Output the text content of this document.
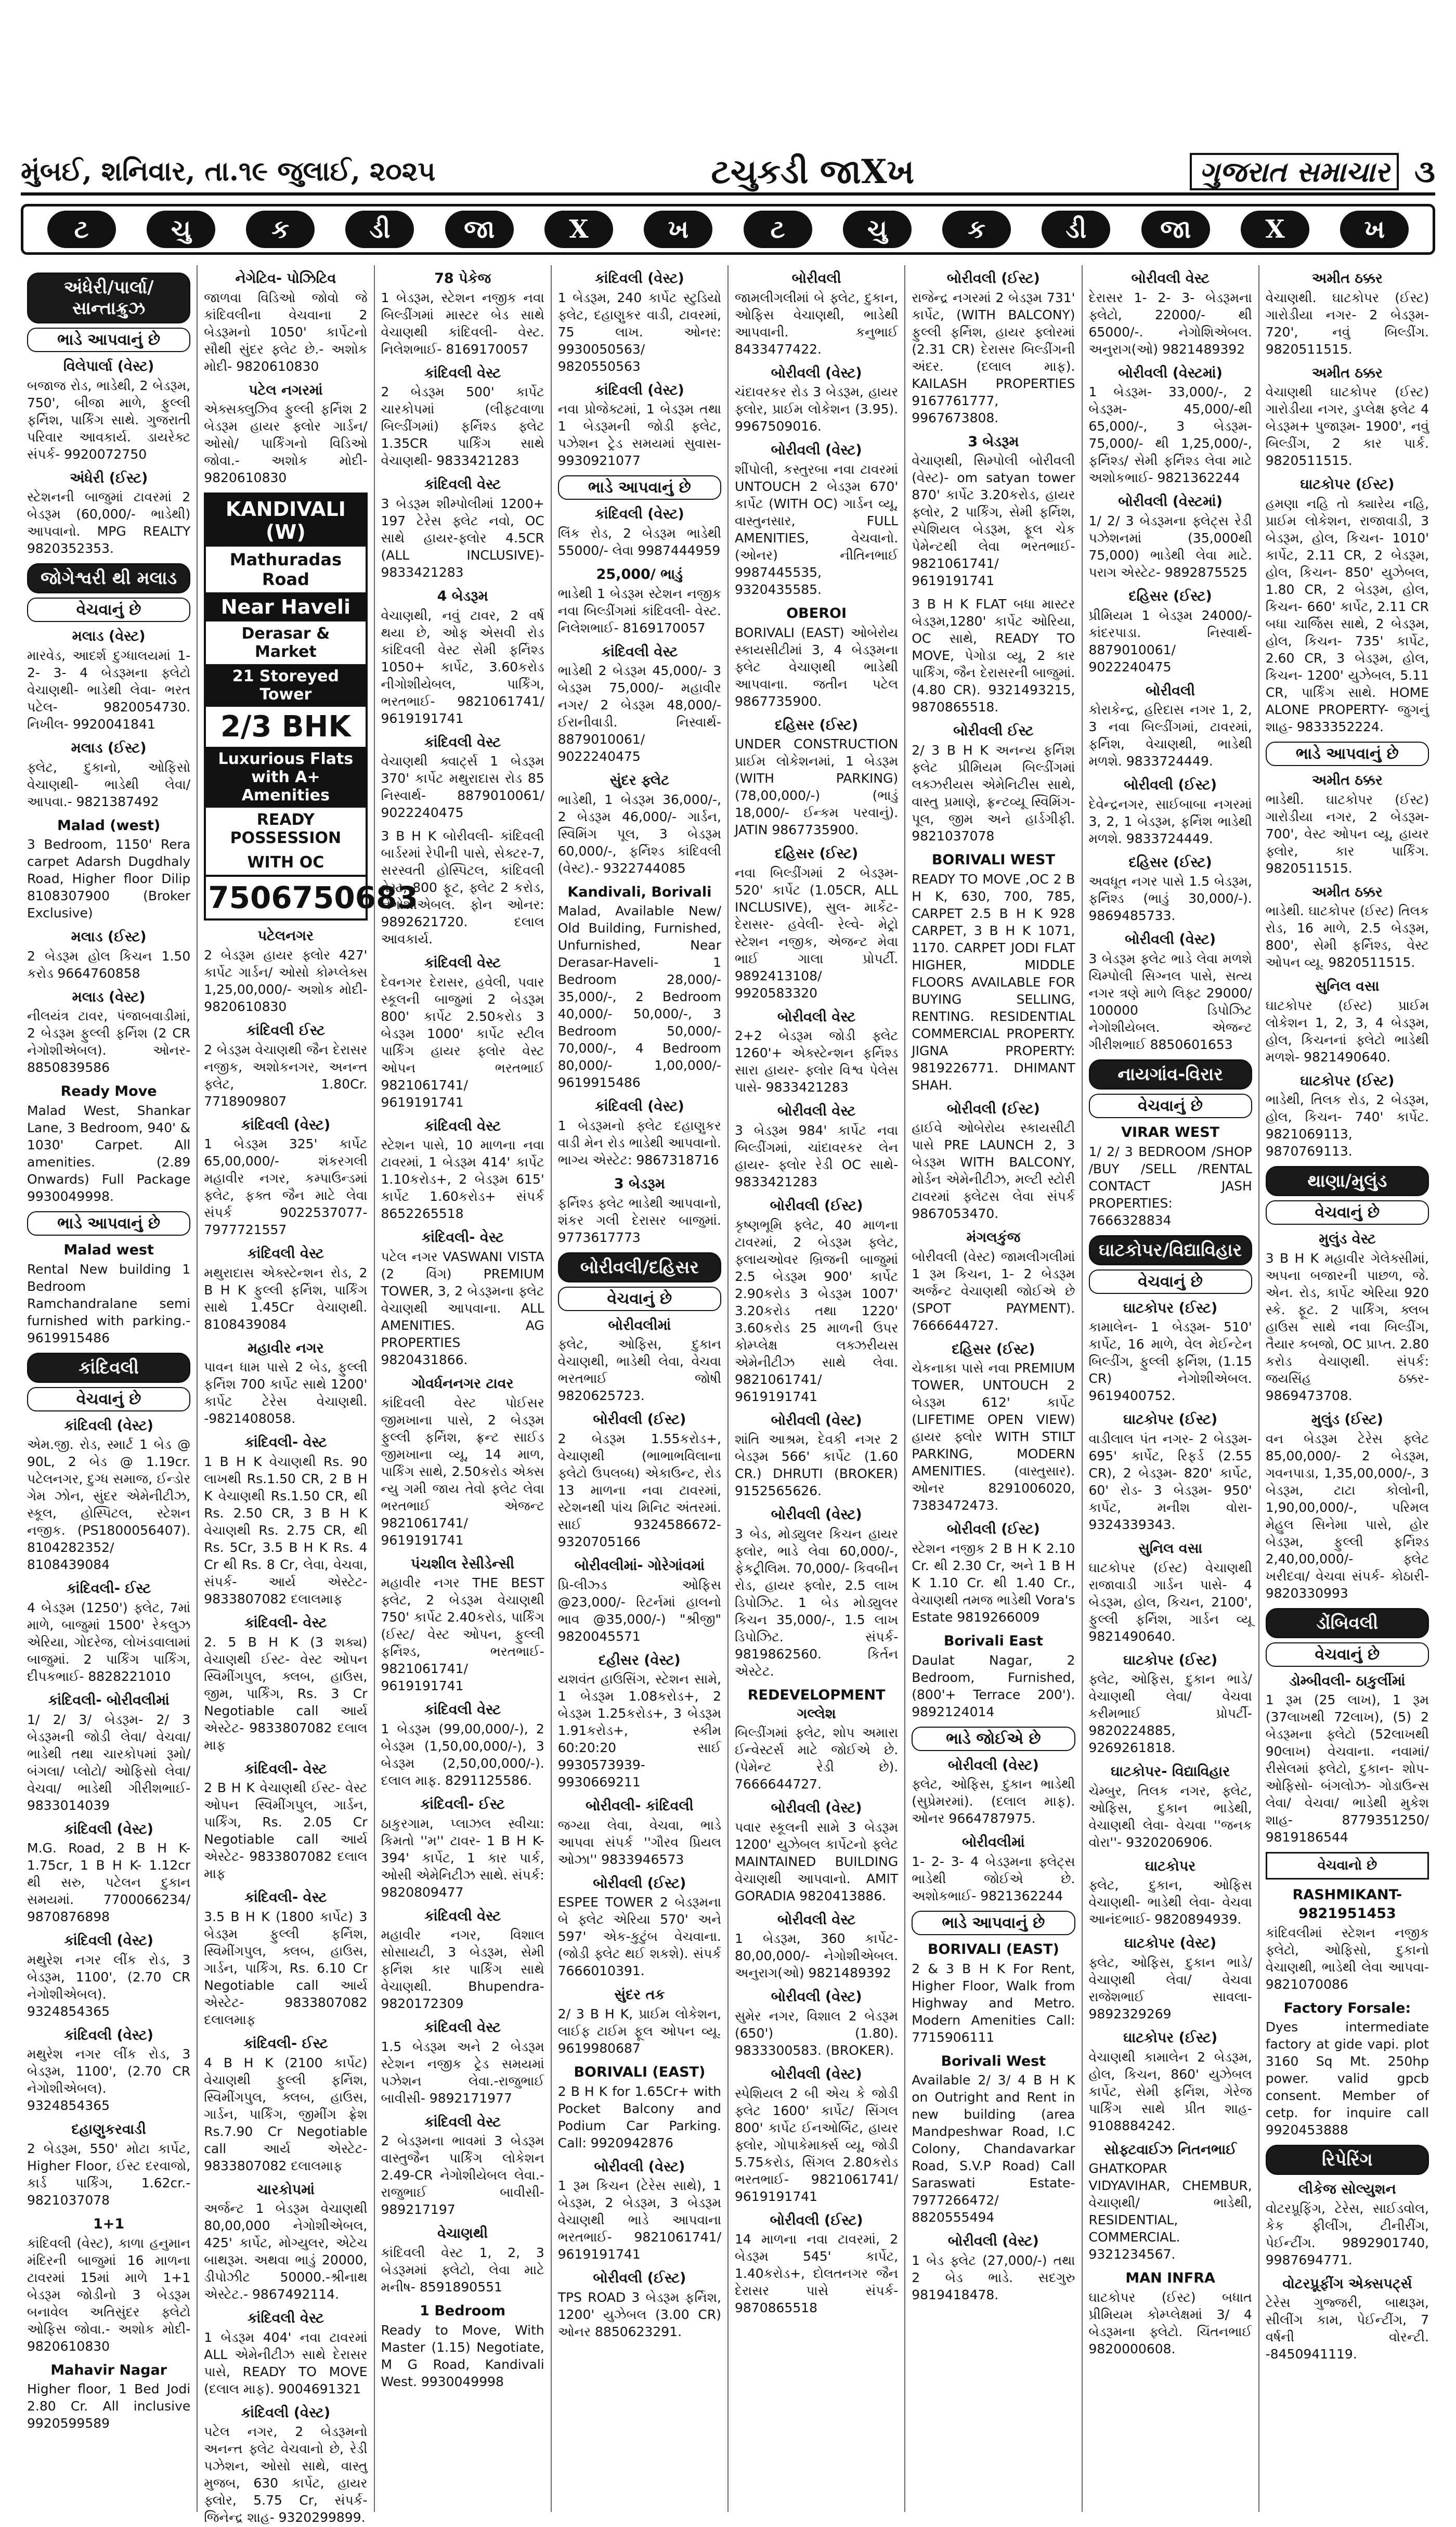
મુંબઈ, શનિવાર, તા.૧૯ જુલાઈ, ૨૦૨૫	ટચુકડી જાXખ	ગુજરાત સમાચાર ૩
ટ	ચુ	ક	ડી	જા	X	ખ	ટ	ચુ	ક	ડી	જા	X	ખ
અંધેરી/પાર્લા/સાન્તાક્રુઝ
ભાડે આપવાનું છે
વિલેપાર્લા (વેસ્ટ)
બજાજ રોડ, ભાડેથી, 2 બેડરૂમ, 750', બીજા માળે, ફુલ્લી ફર્નિશ, પાર્કિંગ સાથે. ગુજરાતી પરિવાર આવકાર્ય. ડાયરેક્ટ સંપર્ક- 9920072750
અંધેરી (ઈસ્ટ)
સ્ટેશનની બાજુમાં ટાવરમાં 2 બેડરૂમ (60,000/- ભાડેથી) આપવાનો. MPG REALTY 9820352353.
જોગેશ્વરી થી મલાડ
વેચવાનું છે
મલાડ (વેસ્ટ)
મારવેડ, આદર્શ દુગ્ધાલયમાં 1- 2- 3- 4 બેડરૂમના ફ્લેટો વેચાણથી- ભાડેથી લેવા- ભરત પટેલ- 9820054730. નિખીલ- 9920041841
મલાડ (ઈસ્ટ)
ફ્લેટ, દુકાનો, ઓફિસો વેચાણથી- ભાડેથી લેવા/ આપવા.- 9821387492
Malad (west)
3 Bedroom, 1150' Rera carpet Adarsh Dugdhaly Road, Higher floor Dilip 8108307900 (Broker Exclusive)
મલાડ (ઈસ્ટ)
2 બેડરૂમ હોલ કિચન 1.50 કરોડ 9664760858
મલાડ (વેસ્ટ)
નીલયંત્ર ટાવર, પંજાબવાડીમાં, 2 બેડરૂમ ફુલ્લી ફર્નિશ (2 CR નેગોશીએબલ). ઓનર- 8850839586
Ready Move
Malad West, Shankar Lane, 3 Bedroom, 940' & 1030' Carpet. All amenities. (2.89 Onwards) Full Package 9930049998.
ભાડે આપવાનું છે
Malad west
Rental New building 1 Bedroom Ramchandralane semi furnished with parking.- 9619915486
કાંદિવલી
વેચવાનું છે
કાંદિવલી (વેસ્ટ)
એમ.જી. રોડ, સ્માર્ટ 1 બેડ @ 90L, 2 બેડ @ 1.19cr. પટેલનગર, દુગ્ધ સમાજ, ઈન્ડોર ગેમ ઝોન, સુંદર એમેનીટીઝ, સ્કૂલ, હોસ્પિટલ, સ્ટેશન નજીક. (PS1800056407). 8104282352/ 8108439084
કાંદિવલી- ઈસ્ટ
4 બેડરૂમ (1250') ફ્લેટ, 7માં માળે, બાજુમાં 1500' રેકલુઝ એરિયા, ગોદરેજ, લોખંડવાલામાં બાજુમાં. 2 પાર્કિંગ પાર્કિંગ, દીપકભાઈ- 8828221010
કાંદિવલી- બોરીવલીમાં
1/ 2/ 3/ બેડરૂમ- 2/ 3 બેડરૂમની જોડી લેવા/ વેચવા/ ભાડેથી તથા ચારકોપમાં રૂમો/ બંગલા/ પ્લોટો/ ઓફિસો લેવા/ વેચવા/ ભાડેથી ગીરીશભાઈ- 9833014039
કાંદિવલી (વેસ્ટ)
M.G. Road, 2 B H K- 1.75cr, 1 B H K- 1.12cr થી સરુ, પટેલન દુકાન સમયમાં. 7700066234/ 9870876898
કાંદિવલી (વેસ્ટ)
મથુરેશ નગર લીંક રોડ, 3 બેડરૂમ, 1100', (2.70 CR નેગોશીએબલ). 9324854365
કાંદિવલી (વેસ્ટ)
મથુરેશ નગર લીંક રોડ, 3 બેડરૂમ, 1100', (2.70 CR નેગોશીએબલ). 9324854365
દહાણુકરવાડી
2 બેડરૂમ, 550' મોટા કાર્પેટ, Higher Floor, ઈસ્ટ દરવાજો, કાર્ડ પાર્કિંગ, 1.62cr.- 9821037078
1+1
કાંદિવલી (વેસ્ટ), કાળા હનુમાન મંદિરની બાજુમાં 16 માળના ટાવરમાં 15માં માળે 1+1 બેડરૂમ જોડીનો 3 બેડરૂમ બનાવેલ અતિસુંદર ફ્લેટો ઓફિસ જોવા.- અશોક મોદી- 9820610830
Mahavir Nagar
Higher floor, 1 Bed Jodi 2.80 Cr. All inclusive 9920599589
નેગેટિવ- પોઝિટિવ
જાળવા વિડિઓ જોવો જે કાંદિવલીના વેચવાના 2 બેડરૂમનો 1050' કાર્પેટનો સૌથી સુંદર ફ્લેટ છે.- અશોક મોદી- 9820610830
પટેલ નગરમાં
એક્સક્લુઝિવ ફુલ્લી ફર્નિશ 2 બેડરૂમ હાયર ફ્લોર ગાર્ડન/ ઓસો/ પાર્કિંગનો વિડિઓ જોવા.- અશોક મોદી- 9820610830
KANDIVALI (W)
Mathuradas Road
Near Haveli
Derasar & Market
21 Storeyed Tower
2/3 BHK
Luxurious Flats with A+ Amenities
READY POSSESSION
WITH OC
7506750683
પટેલનગર
2 બેડરૂમ હાયર ફ્લોર 427' કાર્પેટ ગાર્ડન/ ઓસો કોમ્પ્લેક્સ 1,25,00,000/- અશોક મોદી- 9820610830
કાંદિવલી ઈસ્ટ
2 બેડરૂમ વેચાણથી જૈન દેરાસર નજીક, અશોકનગર, અનન્ત ફ્લેટ, 1.80Cr. 7718909807
કાંદિવલી (વેસ્ટ)
1 બેડરૂમ 325' કાર્પેટ 65,00,000/- શંકરગલી મહાવીર નગર, કમ્પાઉન્ડમાં ફ્લેટ, ફક્ત જૈન માટે લેવા સંપર્ક 9022537077- 7977721557
કાંદિવલી વેસ્ટ
મથુરાદાસ એક્સ્ટેન્શન રોડ, 2 B H K ફુલ્લી ફર્નિશ, પાર્કિંગ સાથે 1.45Cr વેચાણથી. 8108439084
મહાવીર નગર
પાવન ધામ પાસે 2 બેડ, ફુલ્લી ફર્નિશ 700 કાર્પેટ સાથે 1200' કાર્પેટ ટેરેસ વેચાણથી. -9821408058.
કાંદિવલી- વેસ્ટ
1 B H K વેચાણથી Rs. 90 લાખથી Rs.1.50 CR, 2 B H K વેચાણથી Rs.1.50 CR, થી Rs. 2.50 CR, 3 B H K વેચાણથી Rs. 2.75 CR, થી Rs. 5Cr, 3.5 B H K Rs. 4 Cr થી Rs. 8 Cr, લેવા, વેચવા, સંપર્ક- આર્ય એસ્ટેટ- 9833807082 દલાલમાફ
કાંદિવલી- વેસ્ટ
2. 5 B H K (3 શક્ય) વેચાણથી ઈસ્ટ- વેસ્ટ ઓપન સ્વિમીંગપુલ, ક્લબ, હાઉસ, જીમ, પાર્કિંગ, Rs. 3 Cr Negotiable call આર્ય એસ્ટેટ- 9833807082 દલાલ માફ
કાંદિવલી- વેસ્ટ
2 B H K વેચાણથી ઈસ્ટ- વેસ્ટ ઓપન સ્વિમીંગપુલ, ગાર્ડન, પાર્કિંગ, Rs. 2.05 Cr Negotiable call આર્ય એસ્ટેટ- 9833807082 દલાલ માફ
કાંદિવલી- વેસ્ટ
3.5 B H K (1800 કાર્પેટ) 3 બેડરૂમ ફુલ્લી ફર્નિશ, સ્વિમીંગપુલ, ક્લબ, હાઉસ, ગાર્ડન, પાર્કિંગ, Rs. 6.10 Cr Negotiable call આર્ય એસ્ટેટ- 9833807082 દલાલમાફ
કાંદિવલી- ઈસ્ટ
4 B H K (2100 કાર્પેટ) વેચાણથી ફુલ્લી ફર્નિશ, સ્વિમીંગપુલ, ક્લબ, હાઉસ, ગાર્ડન, પાર્કિંગ, જીમીંગ ફ્રેશ Rs.7.90 Cr Negotiable call આર્ય એસ્ટેટ- 9833807082 દલાલમાફ
ચારકોપમાં
અર્જન્ટ 1 બેડરૂમ વેચાણથી 80,00,000 નેગોશીએબલ, 425' કાર્પેટ, મોગ્યુલર, એટેચ બાથરૂમ. અથવા ભાડું 20000, ડીપોઝીટ 50000.-શ્રીનાથ એસ્ટેટ.- 9867492114.
કાંદિવલી વેસ્ટ
1 બેડરૂમ 404' નવા ટાવરમાં ALL એમેનીટીઝ સાથે દેરાસર પાસે, READY TO MOVE (દલાલ માફ). 9004691321
કાંદિવલી (વેસ્ટ)
પટેલ નગર, 2 બેડરૂમનો અનન્ત ફ્લેટ વેચવાનો છે, રેડી પઝેશન, ઓસો સાથે, વાસ્તુ મુજબ, 630 કાર્પેટ, હાયર ફ્લોર, 5.75 Cr, સંપર્ક- જિનેન્દ્ર શાહ- 9320299899.
78 પેકેજ
1 બેડરૂમ, સ્ટેશન નજીક નવા બિલ્ડીંગમાં માસ્ટર બેડ સાથે વેચાણથી કાંદિવલી- વેસ્ટ. નિલેશભાઈ- 8169170057
કાંદિવલી વેસ્ટ
2 બેડરૂમ 500' કાર્પેટ ચારકોપમાં (લીફ્ટવાળા બિલ્ડીંગમાં) ફર્નિશ્ડ ફ્લેટ 1.35CR પાર્કિંગ સાથે વેચાણથી- 9833421283
કાંદિવલી વેસ્ટ
3 બેડરૂમ શીમ્પોલીમાં 1200+ 197 ટેરેસ ફ્લેટ નવો, OC સાથે હાયર-ફ્લોર 4.5CR (ALL INCLUSIVE)- 9833421283
4 બેડરૂમ
વેચાણથી, નવું ટાવર, 2 વર્ષ થયા છે, ઓફ એસવી રોડ કાંદિવલી વેસ્ટ સેમી ફર્નિશ્ડ 1050+ કાર્પેટ, 3.60કરોડ નીગોશીયેબલ, પાર્કિંગ, ભરતભાઈ- 9821061741/ 9619191741
કાંદિવલી વેસ્ટ
વેચાણથી ક્વાર્ટ્સ 1 બેડરૂમ 370' કાર્પેટ મથુરાદાસ રોડ 85 નિસ્વાર્થ- 8879010061/ 9022240475
3 B H K બોરીવલી- કાંદિવલી બાર્ડરમાં રેપીની પાસે, સેક્ટર-7, સરસ્વતી હોસ્પિટલ, કાંદિવલી વેસ્ટ, 800 ફૂટ, ફ્લેટ 2 કરોડ, નેગોશીએબલ. ફોન ઓનર: 9892621720. દલાલ આવકાર્ય.
કાંદિવલી વેસ્ટ
દેવનગર દેરાસર, હવેલી, પવાર સ્કૂલની બાજુમાં 2 બેડરૂમ 800' કાર્પેટ 2.50કરોડ 3 બેડરૂમ 1000' કાર્પેટ સ્ટીલ પાર્કિંગ હાયર ફ્લોર વેસ્ટ ઓપન ભરતભાઈ 9821061741/ 9619191741
કાંદિવલી વેસ્ટ
સ્ટેશન પાસે, 10 માળના નવા ટાવરમાં, 1 બેડરૂમ 414' કાર્પેટ 1.10કરોડ+, 2 બેડરૂમ 615' કાર્પેટ 1.60કરોડ+ સંપર્ક 8652265518
કાંદિવલી- વેસ્ટ
પટેલ નગર VASWANI VISTA (2 વિંગ) PREMIUM TOWER, 3, 2 બેડરૂમના ફ્લેટ વેચાણથી આપવાના. ALL AMENITIES. AG PROPERTIES 9820431866.
ગોવર્ધનનગર ટાવર
કાંદિવલી વેસ્ટ પોઈસર જીમખાના પાસે, 2 બેડરૂમ ફુલ્લી ફર્નિશ, ફ્રન્ટ સાઈડ જીમખાના વ્યૂ, 14 માળ, પાર્કિંગ સાથે, 2.50કરોડ એક્સ ન્યુ ગમી જાય તેવો ફ્લેટ લેવા ભરતભાઈ એજન્ટ 9821061741/ 9619191741
પંચશીલ રેસીડેન્સી
મહાવીર નગર THE BEST ફ્લેટ, 2 બેડરૂમ વેચાણથી 750' કાર્પેટ 2.40કરોડ, પાર્કિંગ (ઈસ્ટ/ વેસ્ટ ઓપન, ફુલ્લી ફર્નિશ્ડ, ભરતભાઈ- 9821061741/ 9619191741
કાંદિવલી વેસ્ટ
1 બેડરૂમ (99,00,000/-), 2 બેડરૂમ (1,50,00,000/-), 3 બેડરૂમ (2,50,00,000/-). દલાલ માફ. 8291125586.
કાંદિવલી- ઈસ્ટ
ઠાકુરગામ, પ્લાઝલ સ્વીચા: કિમતો ''મ'' ટાવર- 1 B H K- 394' કાર્પેટ, 1 કાર પાર્ક, ઓસી એમેનિટીઝ સાથે. સંપર્ક: 9820809477
કાંદિવલી વેસ્ટ
મહાવીર નગર, વિશાલ સોસાયટી, 3 બેડરૂમ, સેમી ફર્નિશ કાર પાર્કિંગ સાથે વેચાણથી. Bhupendra- 9820172309
કાંદિવલી વેસ્ટ
1.5 બેડરૂમ અને 2 બેડરૂમ સ્ટેશન નજીક ટ્રેડ સમયમાં પઝેશન લેવા.-રાજુભાઈ બાવીસી- 9892171977
કાંદિવલી વેસ્ટ
2 બેડરૂમના ભાવમાં 3 બેડરૂમ વાસ્તુજૈન પાર્કિંગ લોકેશન 2.49-CR નેગોશીયેબલ લેવા.- રાજુભાઈ બાવીસી- 989217197
વેચાણથી
કાંદિવલી વેસ્ટ 1, 2, 3 બેડરૂમમાં ફ્લેટો, લેવા માટે મનીષ- 8591890551
1 Bedroom
Ready to Move, With Master (1.15) Negotiate, M G Road, Kandivali West. 9930049998
કાંદિવલી (વેસ્ટ)
1 બેડરૂમ, 240 કાર્પેટ સ્ટુડિયો ફ્લેટ, દહાણુકર વાડી, ટાવરમાં, 75 લાખ. ઓનર: 9930050563/ 9820550563
કાંદિવલી (વેસ્ટ)
નવા પ્રોજેક્ટમાં, 1 બેડરૂમ તથા 1 બેડરૂમની જોડી ફ્લેટ, પઝેશન ટ્રેડ સમયમાં સુવાસ- 9930921077
ભાડે આપવાનું છે
કાંદિવલી (વેસ્ટ)
લિંક રોડ, 2 બેડરૂમ ભાડેથી 55000/- લેવા 9987444959
25,000/ ભાડું
ભાડેથી 1 બેડરૂમ સ્ટેશન નજીક નવા બિલ્ડીંગમાં કાંદિવલી- વેસ્ટ. નિલેશભાઈ- 8169170057
કાંદિવલી વેસ્ટ
ભાડેથી 2 બેડરૂમ 45,000/- 3 બેડરૂમ 75,000/- મહાવીર નગર/ 2 બેડરૂમ 48,000/- ઈરાનીવાડી. નિસ્વાર્થ- 8879010061/ 9022240475
સુંદર ફ્લેટ
ભાડેથી, 1 બેડરૂમ 36,000/-, 2 બેડરૂમ 46,000/- ગાર્ડન, સ્વિમિંગ પૂલ, 3 બેડરૂમ 60,000/-, ફર્નિશ્ડ કાંદિવલી (વેસ્ટ).- 9322744085
Kandivali, Borivali
Malad, Available New/ Old Building, Furnished, Unfurnished, Near Derasar-Haveli- 1 Bedroom 28,000/- 35,000/-, 2 Bedroom 40,000/- 50,000/-, 3 Bedroom 50,000/- 70,000/-, 4 Bedroom 80,000/- 1,00,000/- 9619915486
કાંદિવલી (વેસ્ટ)
1 બેડરૂમનો ફ્લેટ દહાણુકર વાડી મેન રોડ ભાડેથી આપવાનો. ભાગ્ય એસ્ટેટ: 9867318716
3 બેડરૂમ
ફર્નિશ્ડ ફ્લેટ ભાડેથી આપવાનો, શંકર ગલી દેરાસર બાજુમાં. 9773617773
બોરીવલી/દહિસર
વેચવાનું છે
બોરીવલીમાં
ફ્લેટ, ઓફિસ, દુકાન વેચાણથી, ભાડેથી લેવા, વેચવા ભરતભાઈ જોષી 9820625723.
બોરીવલી (ઈસ્ટ)
2 બેડરૂમ 1.55કરોડ+, વેચાણથી (ભાભાભવિલાના ફ્લેટો ઉપલબ્ધ) એકાઉન્ટ, રોડ 13 માળના નવા ટાવરમાં, સ્ટેશનથી પાંચ મિનિટ અંતરમાં. સાઈ 9324586672- 9320705166
બોરીવલીમાં- ગોરેગાંવમાં
પ્રિ-લીઝ્ડ ઓફિસ @23,000/- રિટર્નમાં હાલનો ભાવ @35,000/-) "શ્રીજી" 9820045571
દહીસર (વેસ્ટ)
યશવંત હાઉસિંગ, સ્ટેશન સામે, 1 બેડરૂમ 1.08કરોડ+, 2 બેડરૂમ 1.25કરોડ+, 3 બેડરૂમ 1.91કરોડ+, સ્કીમ 60:20:20 સાઈ 9930573939- 9930669211
બોરીવલી- કાંદિવલી
જગ્યા લેવા, વેચવા, ભાડે આપવા સંપર્ક ''ગૌરવ પ્રિયલ ઓઝા'' 9833946573
બોરીવલી (ઈસ્ટ)
ESPEE TOWER 2 બેડરૂમના બે ફ્લેટ એરિયા 570' અને 597' એક-કુટુંબ વેચવાના. (જોડી ફ્લેટ થઈ શકશે). સંપર્ક 7666010391.
સુંદર તક
2/ 3 B H K, પ્રાઈમ લોકેશન, લાઈફ ટાઈમ ફૂલ ઓપન વ્યૂ. 9619980687
BORIVALI (EAST)
2 B H K for 1.65Cr+ with Pocket Balcony and Podium Car Parking. Call: 9920942876
બોરીવલી (વેસ્ટ)
1 રૂમ કિચન (ટેરેસ સાથે), 1 બેડરૂમ, 2 બેડરૂમ, 3 બેડરૂમ વેચાણથી ભાડે આપવાના ભરતભાઈ- 9821061741/ 9619191741
બોરીવલી (ઈસ્ટ)
TPS ROAD 3 બેડરૂમ ફર્નિશ, 1200' યુઝેબલ (3.00 CR) ઓનર 8850623291.
બોરીવલી
જામલીગલીમાં બે ફ્લેટ, દુકાન, ઓફિસ વેચાણથી, ભાડેથી આપવાની. કનુભાઈ 8433477422.
બોરીવલી (વેસ્ટ)
ચંદાવરકર રોડ 3 બેડરૂમ, હાયર ફ્લોર, પ્રાઈમ લોકેશન (3.95). 9967509016.
બોરીવલી (વેસ્ટ)
શીંપોલી, કસ્તુરબા નવા ટાવરમાં UNTOUCH 2 બેડરૂમ 670' કાર્પેટ (WITH OC) ગાર્ડન વ્યૂ, વાસ્તુનસાર, FULL AMENITIES, વેચવાનો. (ઓનર) નીતિનભાઈ 9987445535, 9320435585.
OBEROI
BORIVALI (EAST) ઓબેરોય સ્કાયસીટીમાં 3, 4 બેડરૂમના ફ્લેટ વેચાણથી ભાડેથી આપવાના. જતીન પટેલ 9867735900.
દહિસર (ઈસ્ટ)
UNDER CONSTRUCTION પ્રાઈમ લોકેશનમાં, 1 બેડરૂમ (WITH PARKING) (78,00,000/-) (ભાડું 18,000/- ઈન્કમ પરવાનું). JATIN 9867735900.
દહિસર (ઈસ્ટ)
નવા બિલ્ડીંગમાં 2 બેડરૂમ- 520' કાર્પેટ (1.05CR, ALL INCLUSIVE), સુલ- માર્કેટ- દેરાસર- હવેલી- રેલ્વે- મેટ્રો સ્ટેશન નજીક, એજન્ટ મેવા ભાઈ ગાલા પ્રોપર્ટી. 9892413108/ 9920583320
બોરીવલી વેસ્ટ
2+2 બેડરૂમ જોડી ફ્લેટ 1260'+ એક્સ્ટેન્શન ફર્નિશ્ડ સારા હાયર- ફ્લોર વિશ્વ પેલેસ પાસે- 9833421283
બોરીવલી વેસ્ટ
3 બેડરૂમ 984' કાર્પેટ નવા બિલ્ડીંગમાં, ચાંદાવરકર લેન હાયર- ફ્લોર રેડી OC સાથે- 9833421283
બોરીવલી (ઈસ્ટ)
કૃષ્ણભૂમિ ફ્લેટ, 40 માળના ટાવરમાં, 2 બેડરૂમ ફ્લેટ, ફ્લાયઓવર બ્રિજની બાજુમાં 2.5 બેડરૂમ 900' કાર્પેટ 2.90કરોડ 3 બેડરૂમ 1007' 3.20કરોડ તથા 1220' 3.60કરોડ 25 માળની ઉપર કોમ્પ્લેક્ષ લક્ઝરીયસ એમેનીટીઝ સાથે લેવા. 9821061741/ 9619191741
બોરીવલી (વેસ્ટ)
શાંતિ આશ્રમ, દેવકી નગર 2 બેડરૂમ 566' કાર્પેટ (1.60 CR.) DHRUTI (BROKER) 9152565626.
બોરીવલી (વેસ્ટ)
3 બેડ, મોડ્યુલર કિચન હાયર ફ્લોર, ભાડે લેવા 60,000/-, ફેકટ્રીલિમ. 70,000/- કિવબીન રોડ, હાયર ફ્લોર, 2.5 લાખ ડિપોઝિટ. 1 બેડ મોડ્યુલર કિચન 35,000/-, 1.5 લાખ ડિપોઝિટ. સંપર્ક- 9819862560. કિર્તન એસ્ટેટ.
REDEVELOPMENT ગલ્લેશ
બિલ્ડીંગમાં ફ્લેટ, શોપ અમારા ઈન્વેસ્ટર્સ માટે જોઈએ છે. (પેમેન્ટ રેડી છે). 7666644727.
બોરીવલી (વેસ્ટ)
પવાર સ્કૂલની સામે 3 બેડરૂમ 1200' યુઝેબલ કાર્પેટનો ફ્લેટ MAINTAINED BUILDING વેચાણથી આપવાનો. AMIT GORADIA 9820413886.
બોરીવલી વેસ્ટ
1 બેડરૂમ, 360 કાર્પેટ- 80,00,000/- નેગોશીએબલ. અનુરાગ(ઓ) 9821489392
બોરીવલી (વેસ્ટ)
સુમેર નગર, વિશાલ 2 બેડરૂમ (650') (1.80). 9833300583. (BROKER).
બોરીવલી (વેસ્ટ)
સ્પેશિયલ 2 બી એચ કે જોડી ફ્લેટ 1600' કાર્પેટ/ સિંગલ 800' કાર્પેટ ઈનઓર્બિટ, હાયર ફ્લોર, ગોપાકેમાર્ક્સ વ્યૂ, જોડી 5.75કરોડ, સિંગલ 2.80કરોડ ભરતભાઈ- 9821061741/ 9619191741
બોરીવલી (ઈસ્ટ)
14 માળના નવા ટાવરમાં, 2 બેડરૂમ 545' કાર્પેટ, 1.40કરોડ+, દોલતનગર જૈન દેરાસર પાસે સંપર્ક- 9870865518
બોરીવલી (ઈસ્ટ)
રાજેન્દ્ર નગરમાં 2 બેડરૂમ 731' કાર્પેટ, (WITH BALCONY) ફુલ્લી ફર્નિશ, હાયર ફ્લોરમાં (2.31 CR) દેરાસર બિલ્ડીંગની અંદર. (દલાલ માફ). KAILASH PROPERTIES 9167761777, 9967673808.
3 બેડરૂમ
વેચાણથી, સિમ્પોલી બોરીવલી (વેસ્ટ)- om satyan tower 870' કાર્પેટ 3.20કરોડ, હાયર ફ્લોર, 2 પાર્કિંગ, સેમી ફર્નિશ, સ્પેશિયલ બેડરૂમ, ફૂલ ચેક પેમેન્ટથી લેવા ભરતભાઈ- 9821061741/ 9619191741
3 B H K FLAT બધા માસ્ટર બેડરૂમ,1280' કાર્પેટ ઓરિયા, OC સાથે, READY TO MOVE, પેગોડા વ્યૂ, 2 કાર પાર્કિંગ, જૈન દેરાસરની બાજુમાં. (4.80 CR). 9321493215, 9870865518.
બોરીવલી ઈસ્ટ
2/ 3 B H K અનન્ય ફર્નિશ ફ્લેટ પ્રીમિયમ બિલ્ડીંગમાં લક્ઝરીયસ એમેનિટીસ સાથે, વાસ્તુ પ્રમાણે, ફ્રન્ટવ્યૂ સ્વિમિંગ- પૂલ, જીમ અને હાર્ડગીફી. 9821037078
BORIVALI WEST
READY TO MOVE ,OC 2 B H K, 630, 700, 785, CARPET 2.5 B H K 928 CARPET, 3 B H K 1071, 1170. CARPET JODI FLAT HIGHER, MIDDLE FLOORS AVAILABLE FOR BUYING SELLING, RENTING. RESIDENTIAL COMMERCIAL PROPERTY. JIGNA PROPERTY: 9819226771. DHIMANT SHAH.
બોરીવલી (ઈસ્ટ)
હાઈવે ઓબેરોય સ્કાયસીટી પાસે PRE LAUNCH 2, 3 બેડરૂમ WITH BALCONY, મોર્ડન એમેનીટીઝ, મલ્ટી સ્ટોરી ટાવરમાં ફ્લેટસ લેવા સંપર્ક 9867053470.
મંગલકુંજ
બોરીવલી (વેસ્ટ) જામલીગલીમાં 1 રૂમ કિચન, 1- 2 બેડરૂમ અર્જન્ટ વેચાણથી જોઈએ છે (SPOT PAYMENT). 7666644727.
દહિસર (ઈસ્ટ)
ચેકનાકા પાસે નવા PREMIUM TOWER, UNTOUCH 2 બેડરૂમ 612' કાર્પેટ (LIFETIME OPEN VIEW) હાયર ફ્લોર WITH STILT PARKING, MODERN AMENITIES. (વાસ્તુસાર). ઓનર 8291006020, 7383472473.
બોરીવલી (ઈસ્ટ)
સ્ટેશન નજીક 2 B H K 2.10 Cr. થી 2.30 Cr, અને 1 B H K 1.10 Cr. થી 1.40 Cr., વેચાણથી તમજ ભાડેથી Vora's Estate 9819266009
Borivali East
Daulat Nagar, 2 Bedroom, Furnished, (800'+ Terrace 200'). 9892124014
ભાડે જોઈએ છે
બોરીવલી (વેસ્ટ)
ફ્લેટ, ઓફિસ, દુકાન ભાડેથી (સુપ્રેમરમાં). (દલાલ માફ). ઓનર 9664787975.
બોરીવલીમાં
1- 2- 3- 4 બેડરૂમના ફ્લેટ્સ ભાડેથી જોઈએ છે. અશોકભાઈ- 9821362244
ભાડે આપવાનું છે
BORIVALI (EAST)
2 & 3 B H K For Rent, Higher Floor, Walk from Highway and Metro. Modern Amenities Call: 7715906111
Borivali West
Available 2/ 3/ 4 B H K on Outright and Rent in new building (area Mandpeshwar Road, I.C Colony, Chandavarkar Road, S.V.P Road) Call Saraswati Estate- 7977266472/ 8820555494
બોરીવલી (વેસ્ટ)
1 બેડ ફ્લેટ (27,000/-) તથા 2 બેડ ભાડે. સદગુરુ 9819418478.
બોરીવલી વેસ્ટ
દેરાસર 1- 2- 3- બેડરૂમના ફ્લેટો, 22000/- થી 65000/-. નેગોશિએબલ. અનુરાગ(ઓ) 9821489392
બોરીવલી (વેસ્ટમાં)
1 બેડરૂમ- 33,000/-, 2 બેડરૂમ- 45,000/-થી 65,000/-, 3 બેડરૂમ- 75,000/- થી 1,25,000/-, ફર્નિશ્ડ/ સેમી ફર્નિશ્ડ લેવા માટે અશોકભાઈ- 9821362244
બોરીવલી (વેસ્ટમાં)
1/ 2/ 3 બેડરૂમના ફ્લેટ્સ રેડી પઝેશનમાં (35,000થી 75,000) ભાડેથી લેવા માટે. પરાગ એસ્ટેટ- 9892875525
દહિસર (ઈસ્ટ)
પ્રીમિયમ 1 બેડરૂમ 24000/- કાંદરપાડા. નિસ્વાર્થ- 8879010061/ 9022240475
બોરીવલી
કોરાકેન્દ્ર, હરિદાસ નગર 1, 2, 3 નવા બિલ્ડીંગમાં, ટાવરમાં, ફર્નિશ, વેચાણથી, ભાડેથી મળશે. 9833724449.
બોરીવલી (ઈસ્ટ)
દેવેન્દ્રનગર, સાઈબાબા નગરમાં 3, 2, 1 બેડરૂમ, ફર્નિશ ભાડેથી મળશે. 9833724449.
દહિસર (ઈસ્ટ)
અવધૂત નગર પાસે 1.5 બેડરૂમ, ફર્નિશ્ડ (ભાડું 30,000/-). 9869485733.
બોરીવલી (વેસ્ટ)
3 બેડરૂમ ફ્લેટ ભાડે લેવા મળશે ચિમ્પોલી સિગ્નલ પાસે, સત્ય નગર ત્રણે માળે લિફ્ટ 29000/ 100000 ડિપોઝિટ નેગોશીયેબલ. એજન્ટ ગીરીશભાઈ 8850601653
નાયગાંવ-વિરાર
વેચવાનું છે
VIRAR WEST
1/ 2/ 3 BEDROOM /SHOP /BUY /SELL /RENTAL CONTACT JASH PROPERTIES: 7666328834
ઘાટકોપર/વિદ્યાવિહાર
વેચવાનું છે
ઘાટકોપર (ઈસ્ટ)
કામાલેન- 1 બેડરૂમ- 510' કાર્પેટ, 16 માળે, વેલ મેઈન્ટેન બિલ્ડીંગ, ફુલ્લી ફર્નિશ, (1.15 CR) નેગોશીએબલ. 9619400752.
ઘાટકોપર (ઈસ્ટ)
વાડીલાલ પંત નગર- 2 બેડરૂમ- 695' કાર્પેટ, રિફર્ડ (2.55 CR), 2 બેડરૂમ- 820' કાર્પેટ, 60' રોડ- 3 બેડરૂમ- 950' કાર્પેટ, મનીશ વોરા- 9324339343.
સુનિલ વસા
ઘાટકોપર (ઈસ્ટ) વેચાણથી રાજાવાડી ગાર્ડન પાસે- 4 બેડરૂમ, હોલ, કિચન, 2100', ફુલ્લી ફર્નિશ, ગાર્ડન વ્યૂ 9821490640.
ઘાટકોપર (ઈસ્ટ)
ફ્લેટ, ઓફિસ, દુકાન ભાડે/ વેચાણથી લેવા/ વેચવા કરીમભાઈ પ્રોપર્ટી- 9820224885, 9269261818.
ઘાટકોપર- વિદ્યાવિહાર
ચેમ્બુર, તિલક નગર, ફ્લેટ, ઓફિસ, દુકાન ભાડેથી, વેચાણથી લેવા- વેચવા ''જનક વોરા''- 9320206906.
ઘાટકોપર
ફ્લેટ, દુકાન, ઓફિસ વેચાણથી- ભાડેથી લેવા- વેચવા આનંદભાઈ- 9820894939.
ઘાટકોપર (વેસ્ટ)
ફ્લેટ, ઓફિસ, દુકાન ભાડે/ વેચાણથી લેવા/ વેચવા રાજેશભાઈ સાવલા- 9892329269
ઘાટકોપર (ઈસ્ટ)
વેચાણથી કામાલેન 2 બેડરૂમ, હોલ, કિચન, 860' યુઝેબલ કાર્પેટ, સેમી ફર્નિશ, ગેરેજ પાર્કિંગ સાથે પ્રીત શાહ- 9108884242.
સોફ્ટવાઈઝ નિતનભાઈ
GHATKOPAR VIDYAVIHAR, CHEMBUR, વેચાણથી/ ભાડેથી, RESIDENTIAL, COMMERCIAL. 9321234567.
MAN INFRA
ઘાટકોપર (ઈસ્ટ) બધાત પ્રીમિયમ કોમ્પ્લેક્ષમાં 3/ 4 બેડરૂમના ફ્લેટો. ચિંતનભાઈ 9820000608.
અમીત ઠક્કર
વેચાણથી. ઘાટકોપર (ઈસ્ટ) ગારોડીયા નગર- 2 બેડરૂમ- 720', નવું બિલ્ડીંગ. 9820511515.
અમીત ઠક્કર
વેચાણથી ઘાટકોપર (ઈસ્ટ) ગારોડીયા નગર, ડુપ્લેક્ષ ફ્લેટ 4 બેડરૂમ+ પુજારૂમ- 1900', નવું બિલ્ડીંગ, 2 કાર પાર્ક. 9820511515.
ઘાટકોપર (ઈસ્ટ)
હમણા નહિ તો ક્યારેય નહિ, પ્રાઈમ લોકેશન, રાજાવાડી, 3 બેડરૂમ, હોલ, કિચન- 1010' કાર્પેટ, 2.11 CR, 2 બેડરૂમ, હોલ, કિચન- 850' યુઝેબલ, 1.80 CR, 2 બેડરૂમ, હોલ, કિચન- 660' કાર્પેટ, 2.11 CR બધા ચાર્જિસ સાથે, 2 બેડરૂમ, હોલ, કિચન- 735' કાર્પેટ, 2.60 CR, 3 બેડરૂમ, હોલ, કિચન- 1200' યુઝેબલ, 5.11 CR, પાર્કિંગ સાથે. HOME ALONE PROPERTY- જુગનું શાહ- 9833352224.
ભાડે આપવાનું છે
અમીત ઠક્કર
ભાડેથી. ઘાટકોપર (ઈસ્ટ) ગારોડીયા નગર, 2 બેડરૂમ- 700', વેસ્ટ ઓપન વ્યૂ, હાયર ફ્લોર, કાર પાર્કિંગ. 9820511515.
અમીત ઠક્કર
ભાડેથી. ઘાટકોપર (ઈસ્ટ) તિલક રોડ, 16 માળે, 2.5 બેડરૂમ, 800', સેમી ફર્નિશ્ડ, વેસ્ટ ઓપન વ્યૂ. 9820511515.
સુનિલ વસા
ઘાટકોપર (ઈસ્ટ) પ્રાઈમ લોકેશન 1, 2, 3, 4 બેડરૂમ, હોલ, કિચનનાં ફ્લેટો ભાડેથી મળશે- 9821490640.
ઘાટકોપર (ઈસ્ટ)
ભાડેથી, તિલક રોડ, 2 બેડરૂમ, હોલ, કિચન- 740' કાર્પેટ. 9821069113, 9870769113.
થાણા/મુલુંડ
વેચવાનું છે
મુલુંડ વેસ્ટ
3 B H K મહાવીર ગેલેક્સીમાં, અપના બજારની પાછળ, જે. એન. રોડ, કાર્પેટ એરિયા 920 સ્કે. ફૂટ. 2 પાર્કિંગ, ક્લબ હાઉસ સાથે નવા બિલ્ડીંગ, તૈયાર કબજો, OC પ્રાપ્ત. 2.80 કરોડ વેચાણથી. સંપર્ક: જયસિંહ ઠક્કર- 9869473708.
મુલુંડ (ઈસ્ટ)
વન બેડરૂમ ટેરેસ ફ્લેટ 85,00,000/- 2 બેડરૂમ, ગવનપાડા, 1,35,00,000/-, 3 બેડરૂમ, ટાટા કોલોની, 1,90,00,000/-, પરિમલ મેહુલ સિનેમા પાસે, હોર બેડરૂમ, ફુલ્લી ફર્નિશ્ડ 2,40,00,000/- ફ્લેટ ખરીદવા/ વેચવા સંપર્ક- કોઠારી- 9820330993
ડોંબિવલી
વેચવાનું છે
ડોમ્બીવલી- ઠાકુર્લીમાં
1 રૂમ (25 લાખ), 1 રૂમ (37લાખથી 72લાખ), (5) 2 બેડરૂમના ફ્લેટો (52લાખથી 90લાખ) વેચવાના. નવામાં/ રીસેલમાં ફ્લેટો, દુકાન- શોપ- ઓફિસો- બંગલોઝ- ગોડાઉન્સ લેવા/ વેચવા/ ભાડેથી મુકેશ શાહ- 8779351250/ 9819186544
વેચવાનો છે
RASHMIKANT- 9821951453
કાંદિવલીમાં સ્ટેશન નજીક ફ્લેટો, ઓફિસો, દુકાનો વેચાણથી, ભાડેથી લેવા આપવા- 9821070086
Factory Forsale:
Dyes intermediate factory at gide vapi. plot 3160 Sq Mt. 250hp power. valid gpcb consent. Member of cetp. for inquire call 9920453888
રિપેરિંગ
લીકેજ સોલ્યુશન
વોટરપ્રૂફિંગ, ટેરેસ, સાઈડવોલ, કેક ફીલીંગ, ટીનીરીંગ, પેઈન્ટીંગ. 9892901740, 9987694771.
વોટરપ્રૂફીંગ એક્સપર્ટ્સ
ટેરેસ ગુજ્જરી, બાથરૂમ, સીલીંગ કામ, પેઈન્ટીંગ, 7 વર્ષની વોરન્ટી. -8450941119.
